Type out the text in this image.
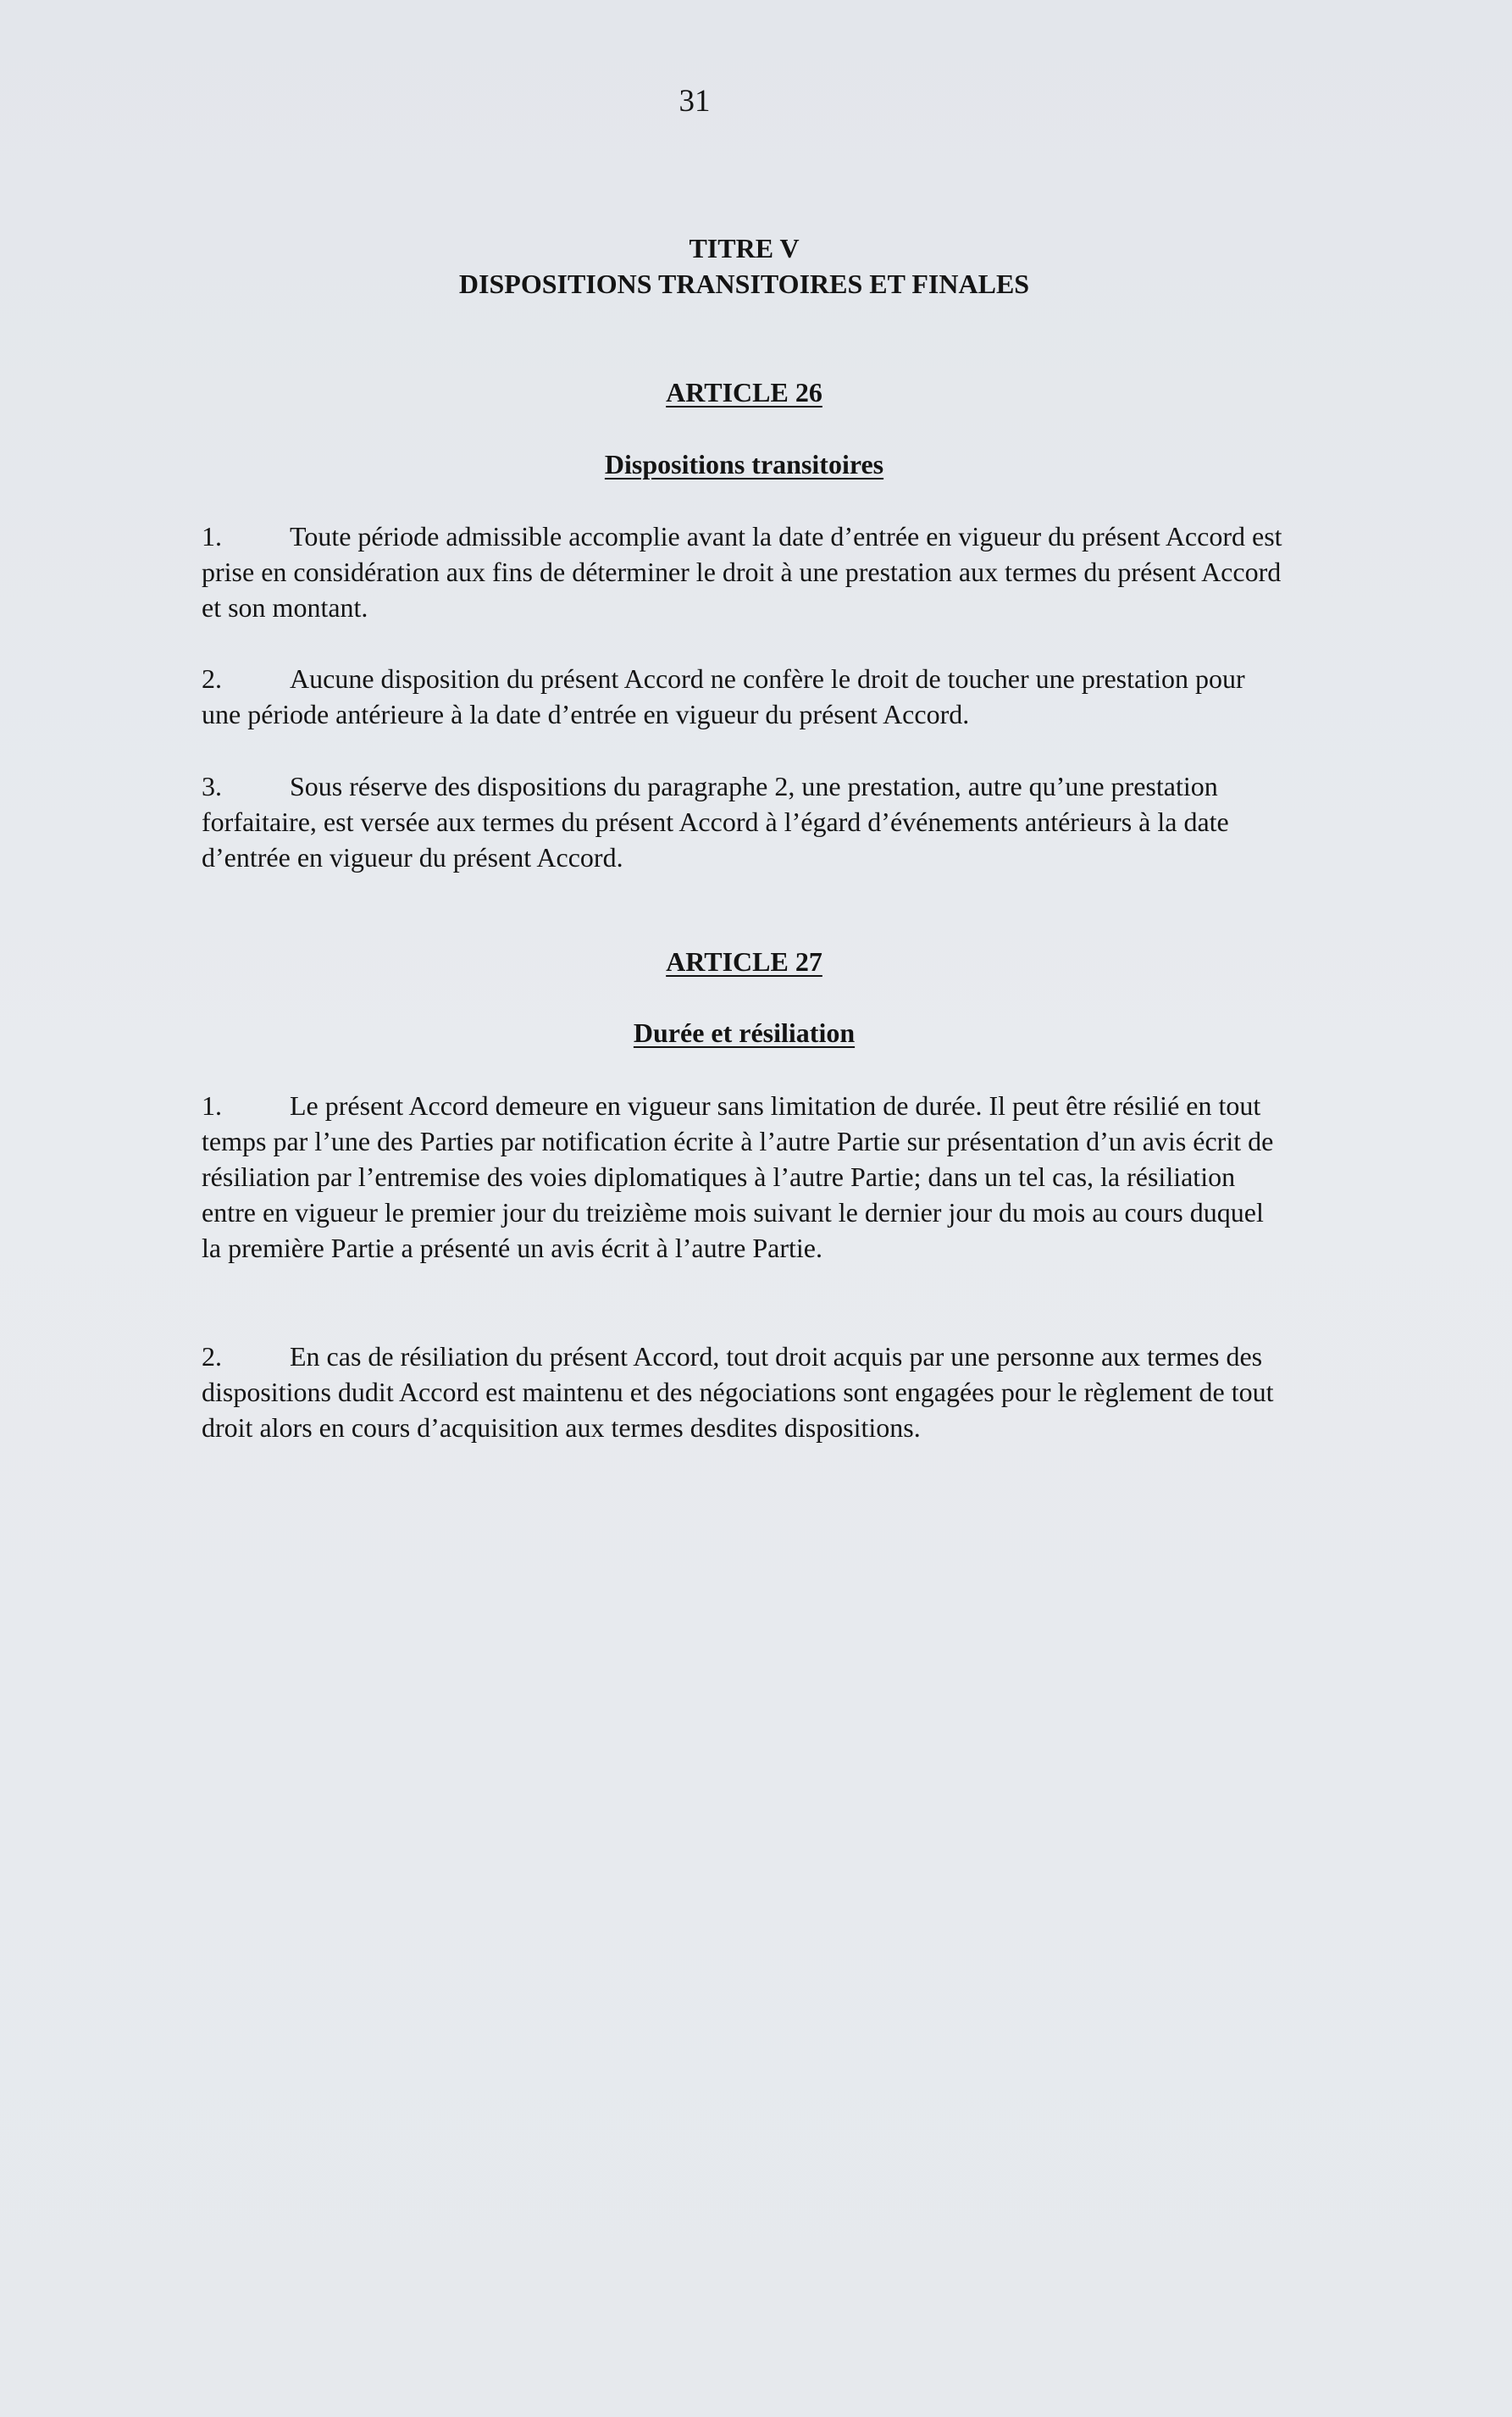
31
TITRE V
DISPOSITIONS TRANSITOIRES ET FINALES
ARTICLE 26
Dispositions transitoires
1.	Toute période admissible accomplie avant la date d’entrée en vigueur du présent Accord est prise en considération aux fins de déterminer le droit à une prestation aux termes du présent Accord et son montant.
2.	Aucune disposition du présent Accord ne confère le droit de toucher une prestation pour une période antérieure à la date d’entrée en vigueur du présent Accord.
3.	Sous réserve des dispositions du paragraphe 2, une prestation, autre qu’une prestation forfaitaire, est versée aux termes du présent Accord à l’égard d’événements antérieurs à la date d’entrée en vigueur du présent Accord.
ARTICLE 27
Durée et résiliation
1.	Le présent Accord demeure en vigueur sans limitation de durée. Il peut être résilié en tout temps par l’une des Parties par notification écrite à l’autre Partie sur présentation d’un avis écrit de résiliation par l’entremise des voies diplomatiques à l’autre Partie; dans un tel cas, la résiliation entre en vigueur le premier jour du treizième mois suivant le dernier jour du mois au cours duquel la première Partie a présenté un avis écrit à l’autre Partie.
2.	En cas de résiliation du présent Accord, tout droit acquis par une personne aux termes des dispositions dudit Accord est maintenu et des négociations sont engagées pour le règlement de tout droit alors en cours d’acquisition aux termes desdites dispositions.
